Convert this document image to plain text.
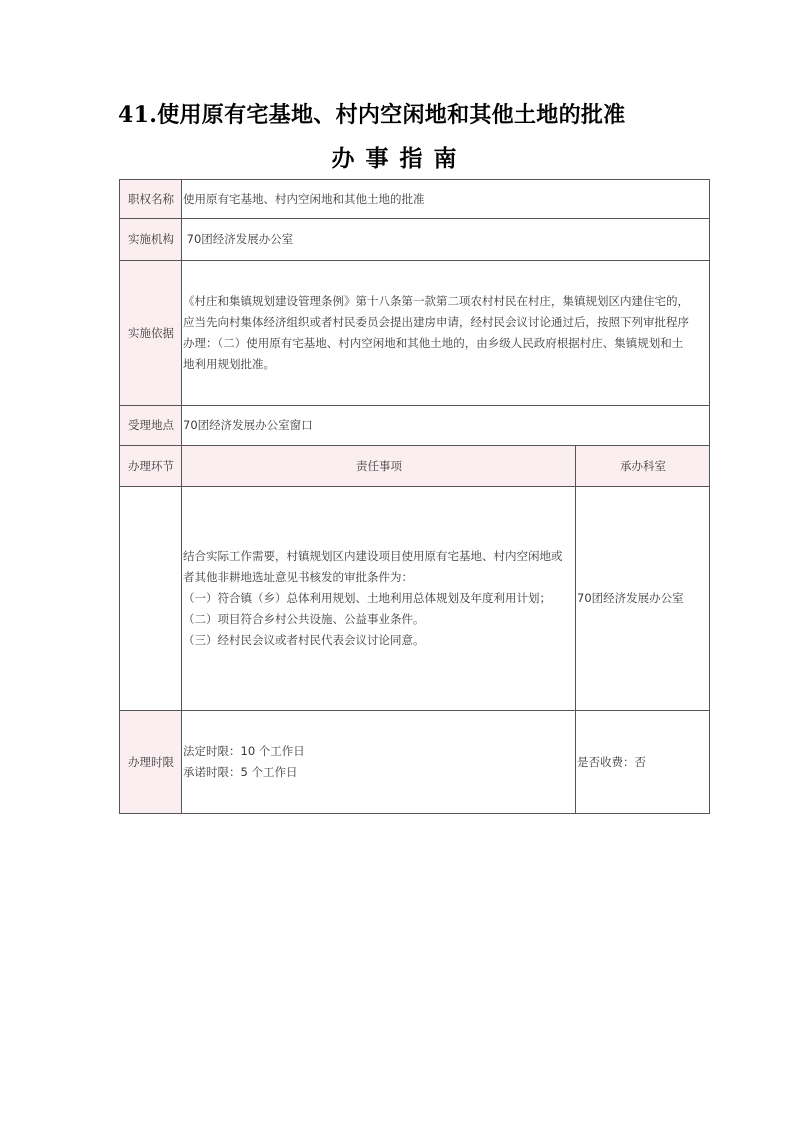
41.使用原有宅基地、村内空闲地和其他土地的批准
办事指南
职权名称	使用原有宅基地、村内空闲地和其他土地的批准	
实施机构	70团经济发展办公室	
实施依据	《村庄和集镇规划建设管理条例》第十八条第一款第二项农村村民在村庄，集镇规划区内建住宅的，
应当先向村集体经济组织或者村民委员会提出建房申请，经村民会议讨论通过后，按照下列审批程序
办理：（二）使用原有宅基地、村内空闲地和其他土地的，由乡级人民政府根据村庄、集镇规划和土
地利用规划批准。	

受理地点	70团经济发展办公室窗口	
办理环节	责任事项	承办科室

	结合实际工作需要，村镇规划区内建设项目使用原有宅基地、村内空闲地或
者其他非耕地选址意见书核发的审批条件为：
（一）符合镇（乡）总体利用规划、土地利用总体规划及年度利用计划；
（二）项目符合乡村公共设施、公益事业条件。
（三）经村民会议或者村民代表会议讨论同意。	70团经济发展办公室
办理时限	法定时限：10 个工作日
承诺时限：5 个工作日	是否收费：否
